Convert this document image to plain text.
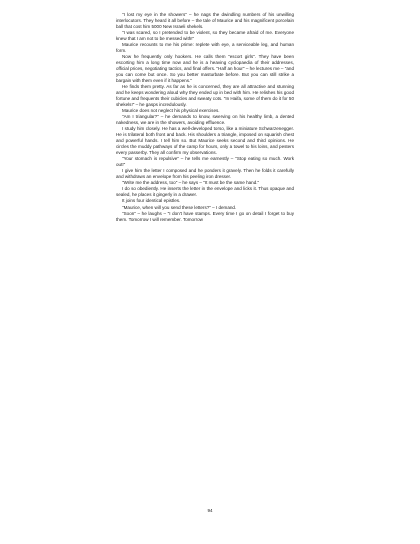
"I lost my eye in the showers" – he nags the dwindling numbers of his unwilling interlocutors. They heard it all before – the tale of Maurice and his magnificent porcelain ball that cost him 5000 New Israeli shekels.

"I was scared, so I pretended to be violent, so they became afraid of me. Everyone knew that I am not to be messed with!"

Maurice recounts to me his prime: replete with eye, a serviceable leg, and human form.

Now he frequently only hookers. He calls them "escort girls". They have been escorting him a long time now and he is a heaving cyclopaedia of their addresses, official prices, negotiating tactics, and final offers. "Half an hour" – he lectures me – "and you can come but once. So you better masturbate before. But you can still strike a bargain with them even if it happens."

He finds them pretty. As far as he is concerned, they are all attractive and stunning and he keeps wondering aloud why they ended up in bed with him. He relishes his good fortune and frequents their cubicles and sweaty cots. "In Haifa, some of them do it for 50 shekels!" – he gasps incredulously.

Maurice does not neglect his physical exercises.

"Am I triangular?" – he demands to know, swerving on his healthy limb, a dented nakedness, we are in the showers, avoiding effluence.

I study him closely. He has a well-developed torso, like a miniature Schwarzenegger. He is trilateral both front and back. His shoulders a triangle, imposed on squarish chest and powerful hands. I tell him so. But Maurice seeks second and third opinions. He circles the muddy pathways of the camp for hours, only a towel to his loins, and pesters every passerby. They all confirm my observations.

"Your stomach is repulsive" – he tells me earnestly – "Stop eating so much. Work out!"

I give him the letter I composed and he ponders it gravely. Then he folds it carefully and withdraws an envelope from his peeling iron dresser.

"Write me the address, too" – he says – "It must be the same hand."

I do so obediently. He inserts the letter in the envelope and licks it. Thus opaque and sealed, he places it gingerly in a drawer.

It joins four identical epistles.

"Maurice, when will you send these letters?" – I demand.

"Soon" – he laughs – "I don't have stamps. Every time I go on detail I forget to buy them. Tomorrow I will remember. Tomorrow

94
